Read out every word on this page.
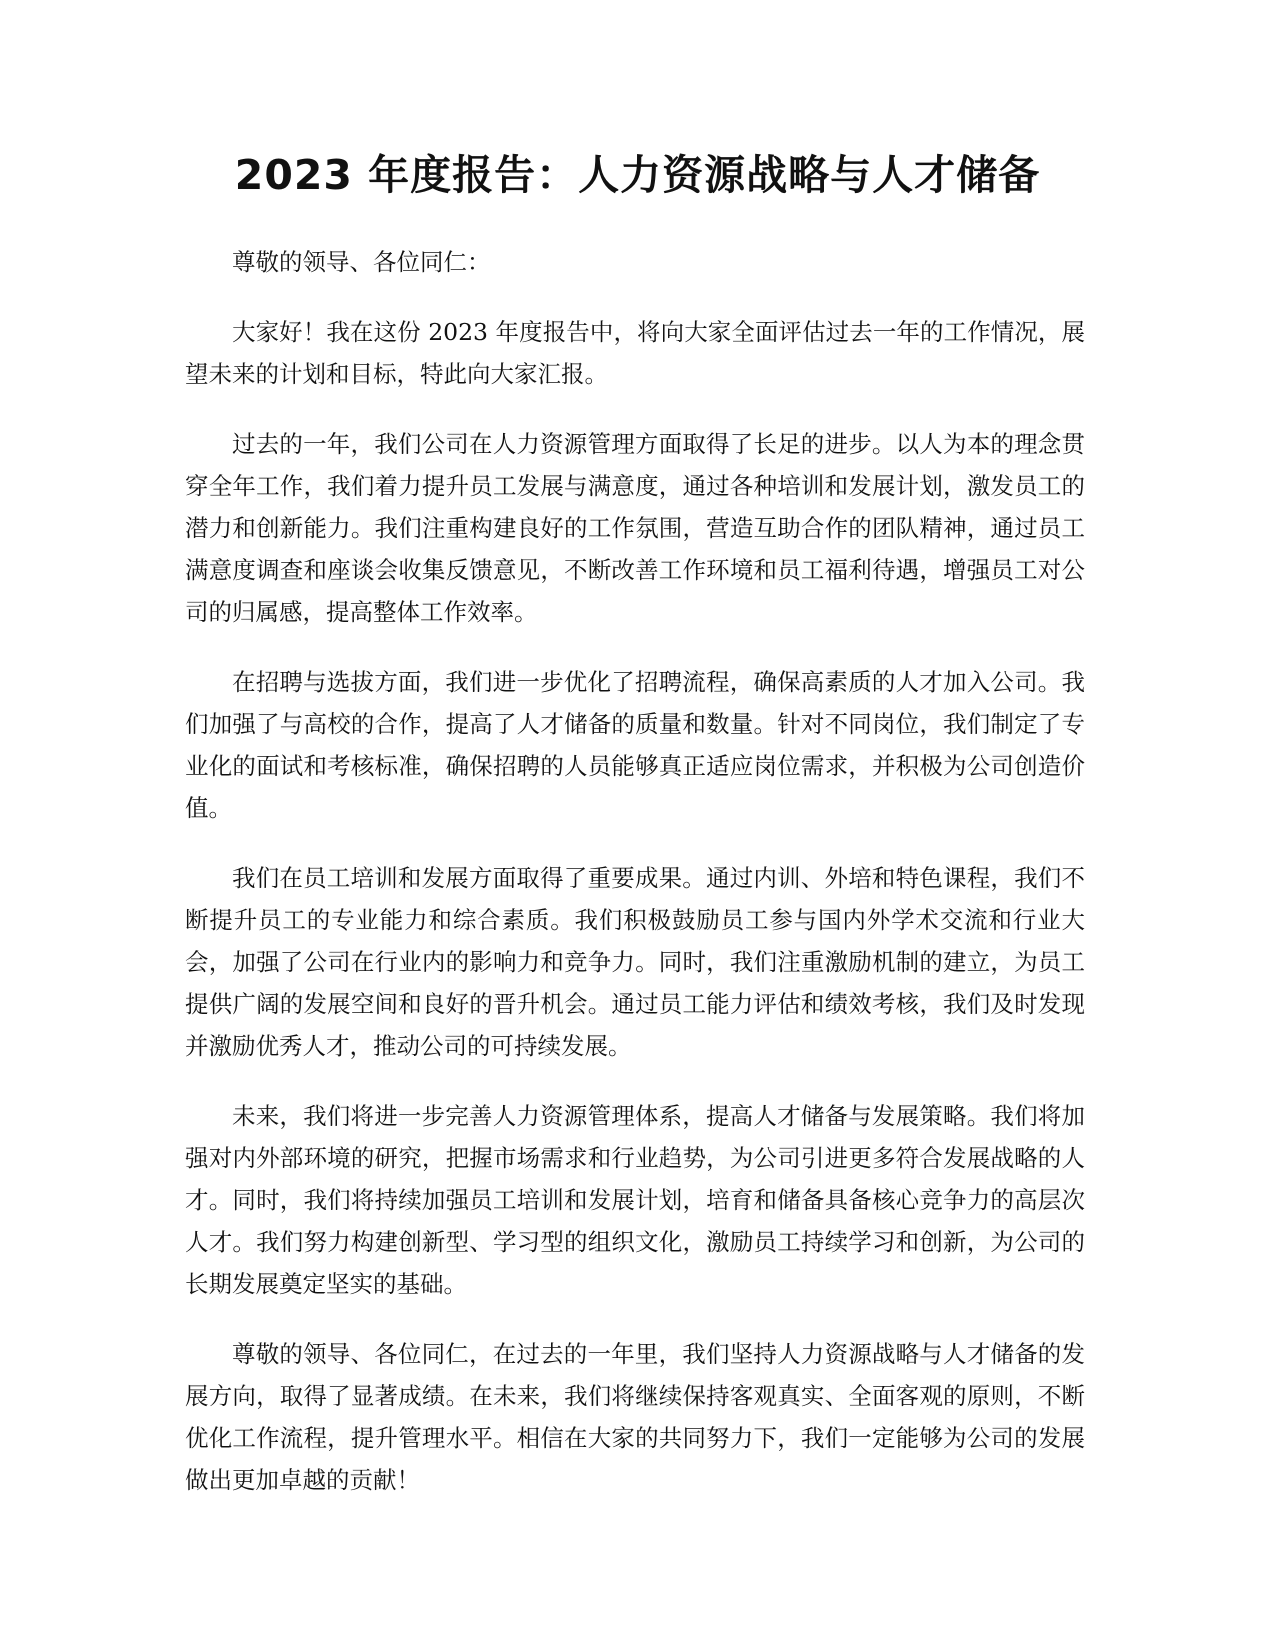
2023 年度报告：人力资源战略与人才储备

尊敬的领导、各位同仁：

大家好！我在这份 2023 年度报告中，将向大家全面评估过去一年的工作情况，展望未来的计划和目标，特此向大家汇报。

过去的一年，我们公司在人力资源管理方面取得了长足的进步。以人为本的理念贯穿全年工作，我们着力提升员工发展与满意度，通过各种培训和发展计划，激发员工的潜力和创新能力。我们注重构建良好的工作氛围，营造互助合作的团队精神，通过员工满意度调查和座谈会收集反馈意见，不断改善工作环境和员工福利待遇，增强员工对公司的归属感，提高整体工作效率。

在招聘与选拔方面，我们进一步优化了招聘流程，确保高素质的人才加入公司。我们加强了与高校的合作，提高了人才储备的质量和数量。针对不同岗位，我们制定了专业化的面试和考核标准，确保招聘的人员能够真正适应岗位需求，并积极为公司创造价值。

我们在员工培训和发展方面取得了重要成果。通过内训、外培和特色课程，我们不断提升员工的专业能力和综合素质。我们积极鼓励员工参与国内外学术交流和行业大会，加强了公司在行业内的影响力和竞争力。同时，我们注重激励机制的建立，为员工提供广阔的发展空间和良好的晋升机会。通过员工能力评估和绩效考核，我们及时发现并激励优秀人才，推动公司的可持续发展。

未来，我们将进一步完善人力资源管理体系，提高人才储备与发展策略。我们将加强对内外部环境的研究，把握市场需求和行业趋势，为公司引进更多符合发展战略的人才。同时，我们将持续加强员工培训和发展计划，培育和储备具备核心竞争力的高层次人才。我们努力构建创新型、学习型的组织文化，激励员工持续学习和创新，为公司的长期发展奠定坚实的基础。

尊敬的领导、各位同仁，在过去的一年里，我们坚持人力资源战略与人才储备的发展方向，取得了显著成绩。在未来，我们将继续保持客观真实、全面客观的原则，不断优化工作流程，提升管理水平。相信在大家的共同努力下，我们一定能够为公司的发展做出更加卓越的贡献！
